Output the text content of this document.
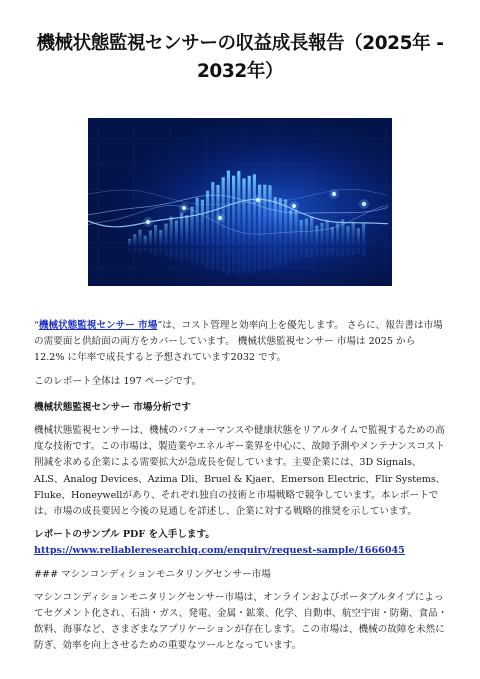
機械状態監視センサーの収益成長報告（2025年 - 2032年）

“機械状態監視センサー 市場”は、コスト管理と効率向上を優先します。 さらに、報告書は市場の需要面と供給面の両方をカバーしています。 機械状態監視センサー 市場は 2025 から 12.2% に年率で成長すると予想されています2032 です。

このレポート全体は 197 ページです。

機械状態監視センサー 市場分析です

機械状態監視センサーは、機械のパフォーマンスや健康状態をリアルタイムで監視するための高度な技術です。この市場は、製造業やエネルギー業界を中心に、故障予測やメンテナンスコスト削減を求める企業による需要拡大が急成長を促しています。主要企業には、3D Signals、ALS、Analog Devices、Azima Dli、Bruel & Kjaer、Emerson Electric、Flir Systems、Fluke、Honeywellがあり、それぞれ独自の技術と市場戦略で競争しています。本レポートでは、市場の成長要因と今後の見通しを詳述し、企業に対する戦略的推奨を示しています。

レポートのサンプル PDF を入手します。 https://www.reliableresearchiq.com/enquiry/request-sample/1666045

### マシンコンディションモニタリングセンサー市場

マシンコンディションモニタリングセンサー市場は、オンラインおよびポータブルタイプによってセグメント化され、石油・ガス、発電、金属・鉱業、化学、自動車、航空宇宙・防衛、食品・飲料、海事など、さまざまなアプリケーションが存在します。この市場は、機械の故障を未然に防ぎ、効率を向上させるための重要なツールとなっています。
